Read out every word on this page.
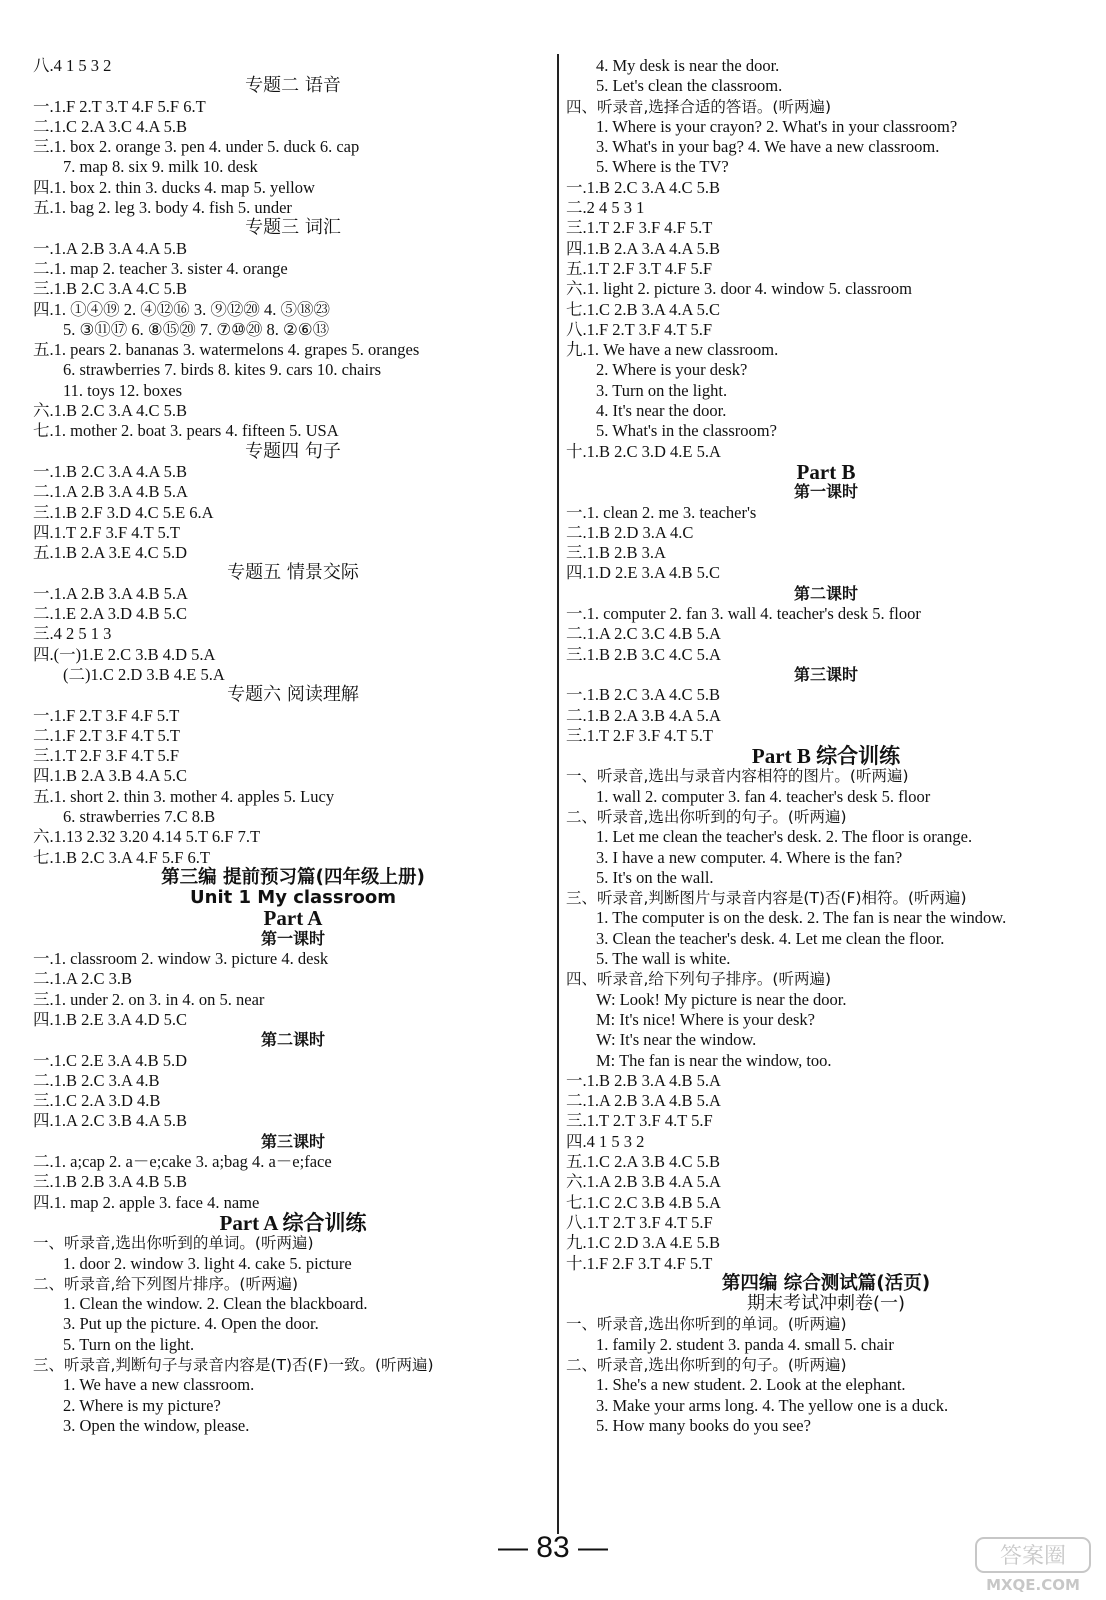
八.4 1 5 3 2
专题二 语音
一.1.F 2.T 3.T 4.F 5.F 6.T
二.1.C 2.A 3.C 4.A 5.B
三.1. box 2. orange 3. pen 4. under 5. duck 6. cap
7. map 8. six 9. milk 10. desk
四.1. box 2. thin 3. ducks 4. map 5. yellow
五.1. bag 2. leg 3. body 4. fish 5. under
专题三 词汇
一.1.A 2.B 3.A 4.A 5.B
二.1. map 2. teacher 3. sister 4. orange
三.1.B 2.C 3.A 4.C 5.B
四.1. ①④⑲ 2. ④⑫⑯ 3. ⑨⑫⑳ 4. ⑤⑱㉓
5. ③⑪⑰ 6. ⑧⑮⑳ 7. ⑦⑩⑳ 8. ②⑥⑬
五.1. pears 2. bananas 3. watermelons 4. grapes 5. oranges
6. strawberries 7. birds 8. kites 9. cars 10. chairs
11. toys 12. boxes
六.1.B 2.C 3.A 4.C 5.B
七.1. mother 2. boat 3. pears 4. fifteen 5. USA
专题四 句子
一.1.B 2.C 3.A 4.A 5.B
二.1.A 2.B 3.A 4.B 5.A
三.1.B 2.F 3.D 4.C 5.E 6.A
四.1.T 2.F 3.F 4.T 5.T
五.1.B 2.A 3.E 4.C 5.D
专题五 情景交际
一.1.A 2.B 3.A 4.B 5.A
二.1.E 2.A 3.D 4.B 5.C
三.4 2 5 1 3
四.(一)1.E 2.C 3.B 4.D 5.A
(二)1.C 2.D 3.B 4.E 5.A
专题六 阅读理解
一.1.F 2.T 3.F 4.F 5.T
二.1.F 2.T 3.F 4.T 5.T
三.1.T 2.F 3.F 4.T 5.F
四.1.B 2.A 3.B 4.A 5.C
五.1. short 2. thin 3. mother 4. apples 5. Lucy
6. strawberries 7.C 8.B
六.1.13 2.32 3.20 4.14 5.T 6.F 7.T
七.1.B 2.C 3.A 4.F 5.F 6.T
第三编 提前预习篇(四年级上册)
Unit 1 My classroom
Part A
第一课时
一.1. classroom 2. window 3. picture 4. desk
二.1.A 2.C 3.B
三.1. under 2. on 3. in 4. on 5. near
四.1.B 2.E 3.A 4.D 5.C
第二课时
一.1.C 2.E 3.A 4.B 5.D
二.1.B 2.C 3.A 4.B
三.1.C 2.A 3.D 4.B
四.1.A 2.C 3.B 4.A 5.B
第三课时
二.1. a;cap 2. a－e;cake 3. a;bag 4. a－e;face
三.1.B 2.B 3.A 4.B 5.B
四.1. map 2. apple 3. face 4. name
Part A 综合训练
一、听录音,选出你听到的单词。(听两遍)
1. door 2. window 3. light 4. cake 5. picture
二、听录音,给下列图片排序。(听两遍)
1. Clean the window. 2. Clean the blackboard.
3. Put up the picture. 4. Open the door.
5. Turn on the light.
三、听录音,判断句子与录音内容是(T)否(F)一致。(听两遍)
1. We have a new classroom.
2. Where is my picture?
3. Open the window, please.
4. My desk is near the door.
5. Let's clean the classroom.
四、听录音,选择合适的答语。(听两遍)
1. Where is your crayon? 2. What's in your classroom?
3. What's in your bag? 4. We have a new classroom.
5. Where is the TV?
一.1.B 2.C 3.A 4.C 5.B
二.2 4 5 3 1
三.1.T 2.F 3.F 4.F 5.T
四.1.B 2.A 3.A 4.A 5.B
五.1.T 2.F 3.T 4.F 5.F
六.1. light 2. picture 3. door 4. window 5. classroom
七.1.C 2.B 3.A 4.A 5.C
八.1.F 2.T 3.F 4.T 5.F
九.1. We have a new classroom.
2. Where is your desk?
3. Turn on the light.
4. It's near the door.
5. What's in the classroom?
十.1.B 2.C 3.D 4.E 5.A
Part B
第一课时
一.1. clean 2. me 3. teacher's
二.1.B 2.D 3.A 4.C
三.1.B 2.B 3.A
四.1.D 2.E 3.A 4.B 5.C
第二课时
一.1. computer 2. fan 3. wall 4. teacher's desk 5. floor
二.1.A 2.C 3.C 4.B 5.A
三.1.B 2.B 3.C 4.C 5.A
第三课时
一.1.B 2.C 3.A 4.C 5.B
二.1.B 2.A 3.B 4.A 5.A
三.1.T 2.F 3.F 4.T 5.T
Part B 综合训练
一、听录音,选出与录音内容相符的图片。(听两遍)
1. wall 2. computer 3. fan 4. teacher's desk 5. floor
二、听录音,选出你听到的句子。(听两遍)
1. Let me clean the teacher's desk. 2. The floor is orange.
3. I have a new computer. 4. Where is the fan?
5. It's on the wall.
三、听录音,判断图片与录音内容是(T)否(F)相符。(听两遍)
1. The computer is on the desk. 2. The fan is near the window.
3. Clean the teacher's desk. 4. Let me clean the floor.
5. The wall is white.
四、听录音,给下列句子排序。(听两遍)
W: Look! My picture is near the door.
M: It's nice! Where is your desk?
W: It's near the window.
M: The fan is near the window, too.
一.1.B 2.B 3.A 4.B 5.A
二.1.A 2.B 3.A 4.B 5.A
三.1.T 2.T 3.F 4.T 5.F
四.4 1 5 3 2
五.1.C 2.A 3.B 4.C 5.B
六.1.A 2.B 3.B 4.A 5.A
七.1.C 2.C 3.B 4.B 5.A
八.1.T 2.T 3.F 4.T 5.F
九.1.C 2.D 3.A 4.E 5.B
十.1.F 2.F 3.T 4.F 5.T
第四编 综合测试篇(活页)
期末考试冲刺卷(一)
一、听录音,选出你听到的单词。(听两遍)
1. family 2. student 3. panda 4. small 5. chair
二、听录音,选出你听到的句子。(听两遍)
1. She's a new student. 2. Look at the elephant.
3. Make your arms long. 4. The yellow one is a duck.
5. How many books do you see?
— 83 —	答案圈
MXQE.COM
